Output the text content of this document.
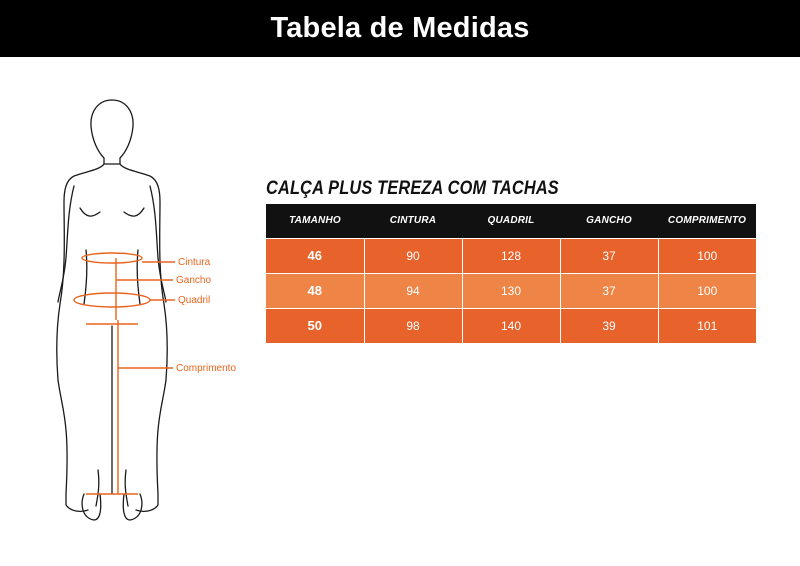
Tabela de Medidas
Cintura
Gancho
Quadril
Comprimento
CALÇA PLUS TEREZA COM TACHAS
TAMANHO	CINTURA	QUADRIL	GANCHO	COMPRIMENTO
46	90	128	37	100
48	94	130	37	100
50	98	140	39	101
